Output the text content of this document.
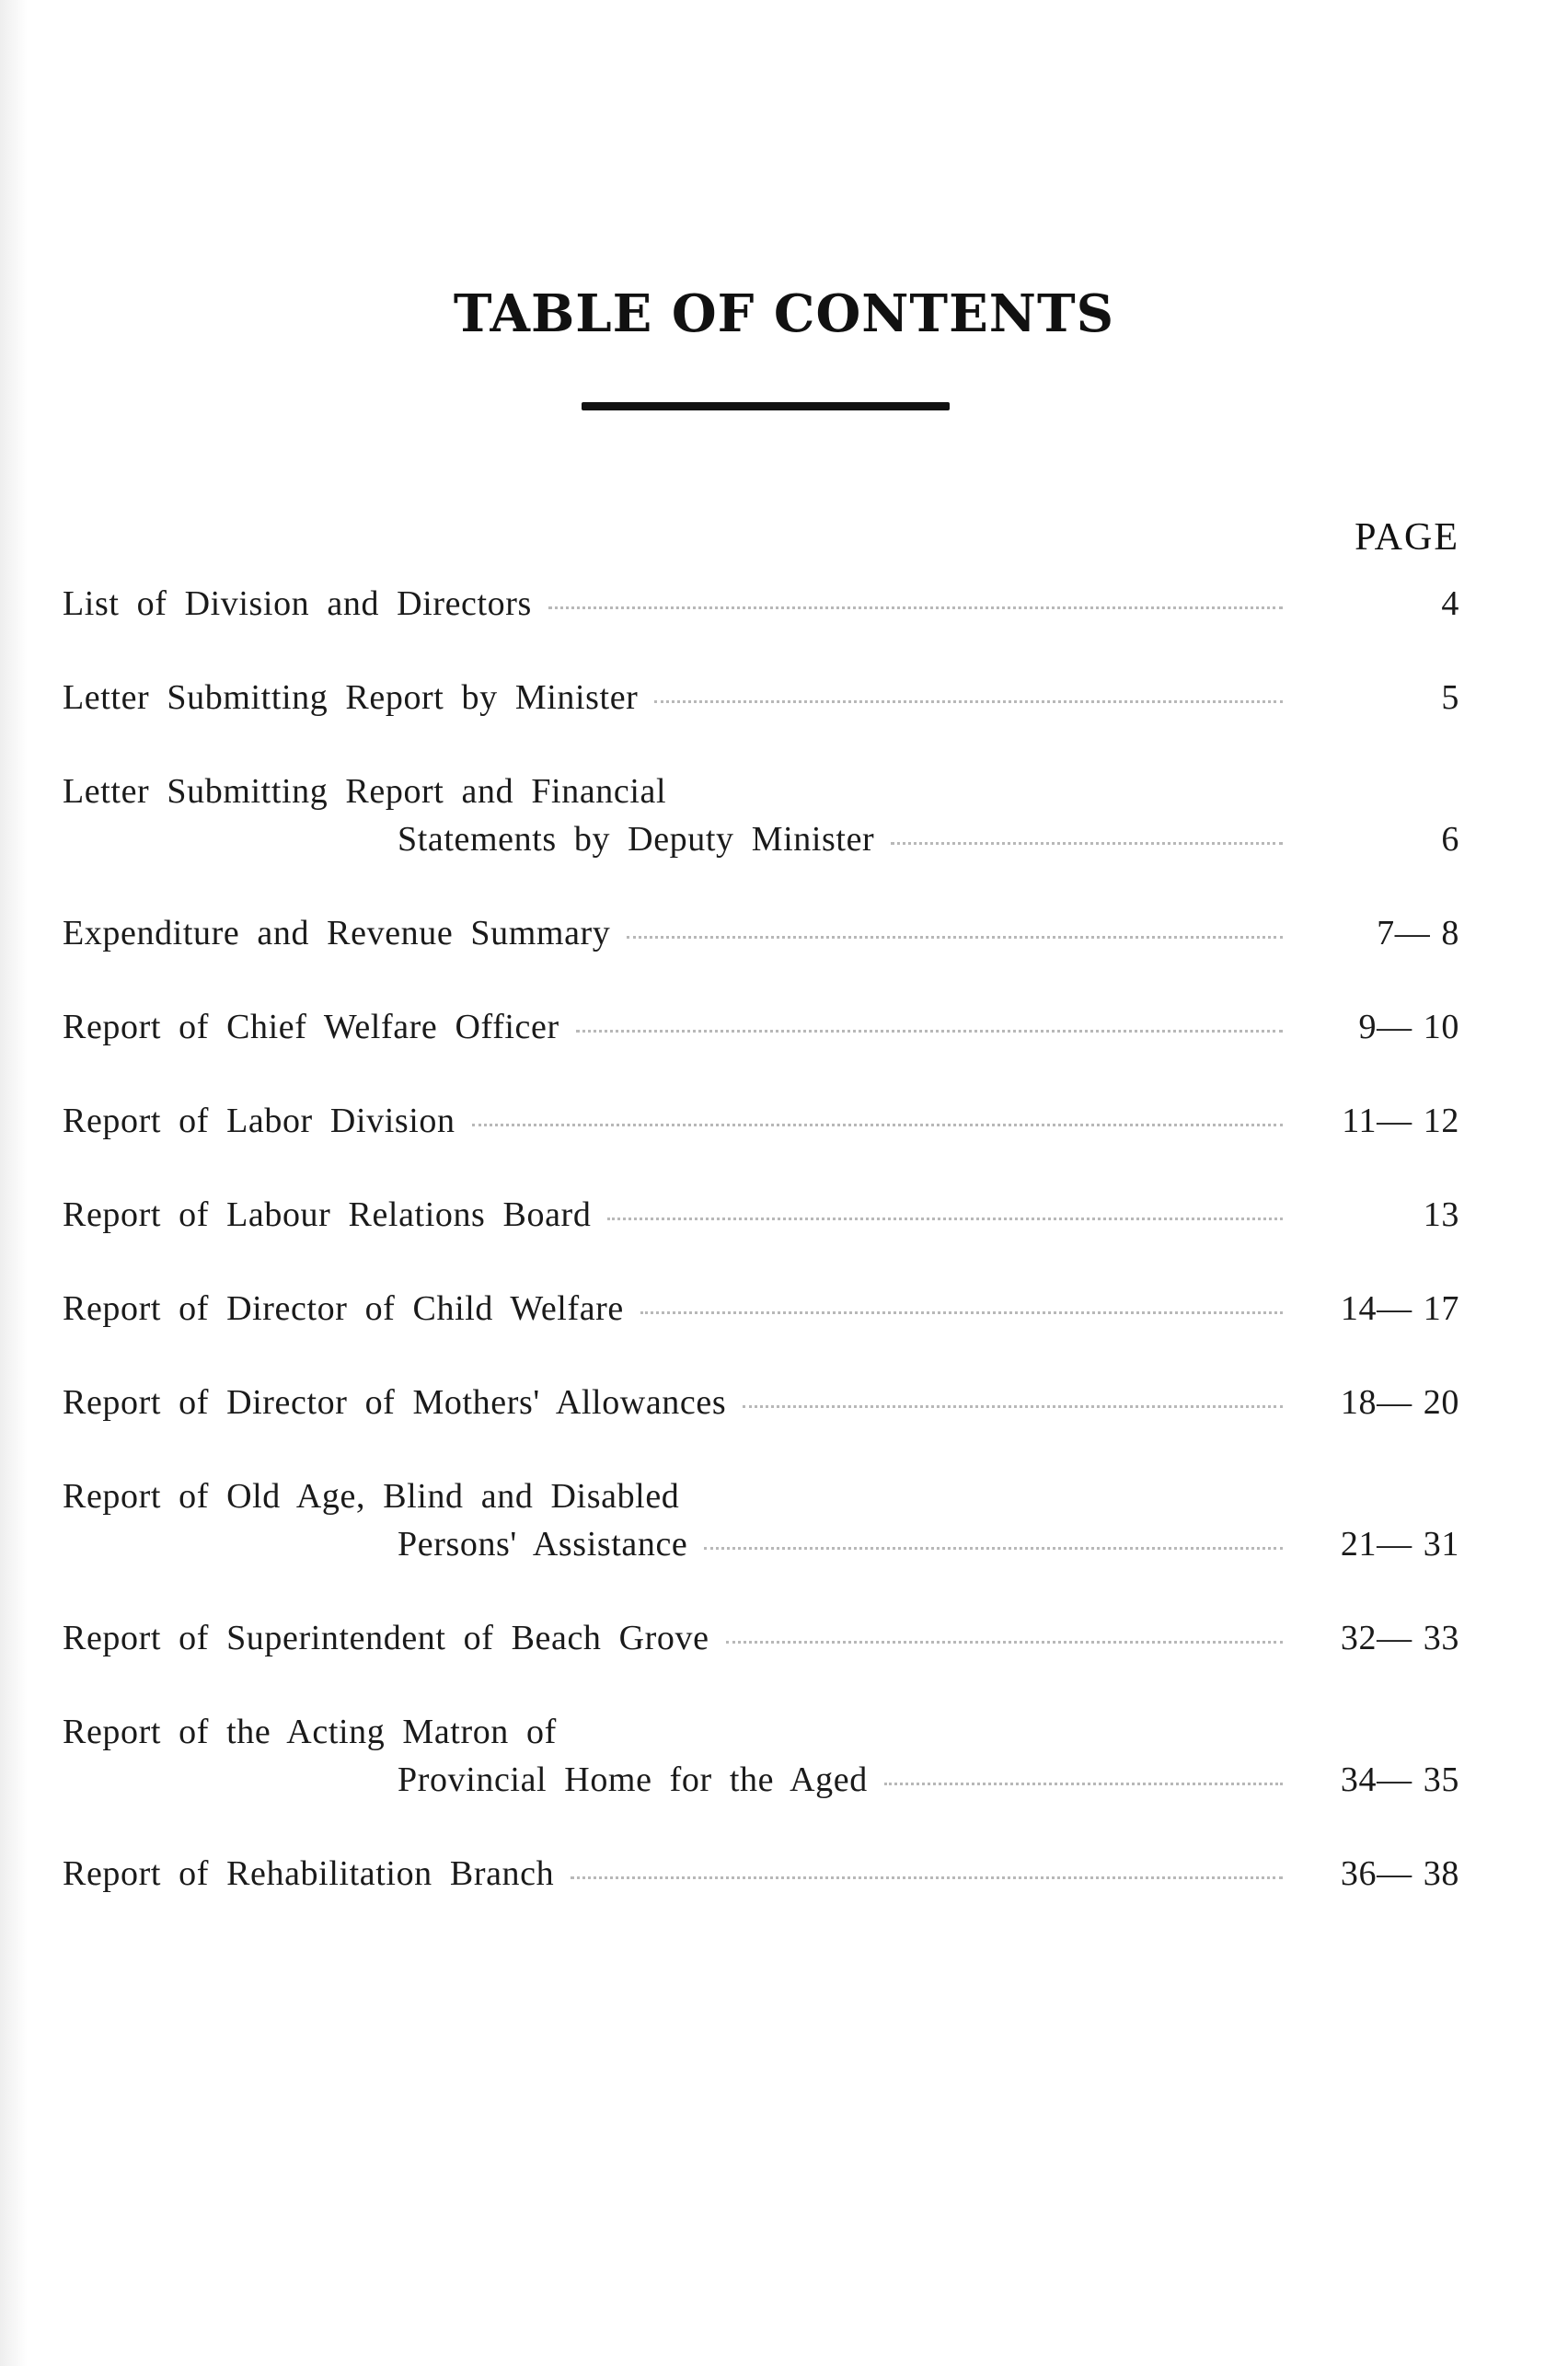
TABLE OF CONTENTS
PAGE
List of Division and Directors	4
Letter Submitting Report by Minister	5
Letter Submitting Report and Financial
Statements by Deputy Minister	6
Expenditure and Revenue Summary	7— 8
Report of Chief Welfare Officer	9— 10
Report of Labor Division	11— 12
Report of Labour Relations Board	13
Report of Director of Child Welfare	14— 17
Report of Director of Mothers' Allowances	18— 20
Report of Old Age, Blind and Disabled
Persons' Assistance	21— 31
Report of Superintendent of Beach Grove	32— 33
Report of the Acting Matron of
Provincial Home for the Aged	34— 35
Report of Rehabilitation Branch	36— 38
